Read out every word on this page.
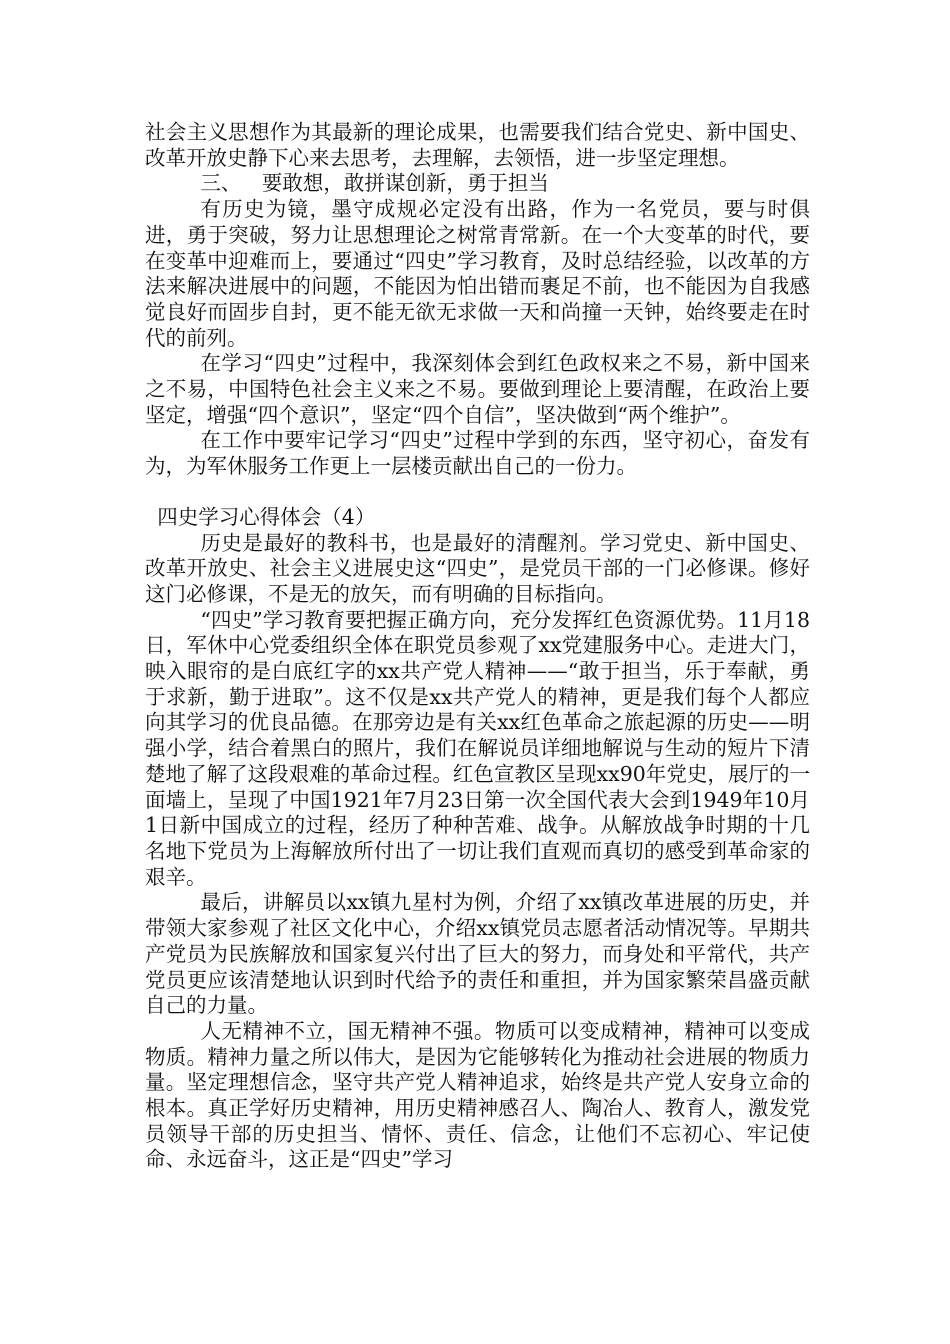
社会主义思想作为其最新的理论成果，也需要我们结合党史、新中国史、改革开放史静下心来去思考，去理解，去领悟，进一步坚定理想。

三、 要敢想，敢拼谋创新，勇于担当

有历史为镜，墨守成规必定没有出路，作为一名党员，要与时俱进，勇于突破，努力让思想理论之树常青常新。在一个大变革的时代，要在变革中迎难而上，要通过“四史”学习教育，及时总结经验，以改革的方法来解决进展中的问题，不能因为怕出错而裹足不前，也不能因为自我感觉良好而固步自封，更不能无欲无求做一天和尚撞一天钟，始终要走在时代的前列。

在学习“四史”过程中，我深刻体会到红色政权来之不易，新中国来之不易，中国特色社会主义来之不易。要做到理论上要清醒，在政治上要坚定，增强“四个意识”，坚定“四个自信”，坚决做到“两个维护”。

在工作中要牢记学习“四史”过程中学到的东西，坚守初心，奋发有为，为军休服务工作更上一层楼贡献出自己的一份力。

四史学习心得体会（4）

历史是最好的教科书，也是最好的清醒剂。学习党史、新中国史、改革开放史、社会主义进展史这“四史”，是党员干部的一门必修课。修好这门必修课，不是无的放矢，而有明确的目标指向。

“四史”学习教育要把握正确方向，充分发挥红色资源优势。11月18日，军休中心党委组织全体在职党员参观了xx党建服务中心。走进大门，映入眼帘的是白底红字的xx共产党人精神——“敢于担当，乐于奉献，勇于求新，勤于进取”。这不仅是xx共产党人的精神，更是我们每个人都应向其学习的优良品德。在那旁边是有关xx红色革命之旅起源的历史——明强小学，结合着黑白的照片，我们在解说员详细地解说与生动的短片下清楚地了解了这段艰难的革命过程。红色宣教区呈现xx90年党史，展厅的一面墙上，呈现了中国1921年7月23日第一次全国代表大会到1949年10月1日新中国成立的过程，经历了种种苦难、战争。从解放战争时期的十几名地下党员为上海解放所付出了一切让我们直观而真切的感受到革命家的艰辛。

最后，讲解员以xx镇九星村为例，介绍了xx镇改革进展的历史，并带领大家参观了社区文化中心，介绍xx镇党员志愿者活动情况等。早期共产党员为民族解放和国家复兴付出了巨大的努力，而身处和平常代，共产党员更应该清楚地认识到时代给予的责任和重担，并为国家繁荣昌盛贡献自己的力量。

人无精神不立，国无精神不强。物质可以变成精神，精神可以变成物质。精神力量之所以伟大，是因为它能够转化为推动社会进展的物质力量。坚定理想信念，坚守共产党人精神追求，始终是共产党人安身立命的根本。真正学好历史精神，用历史精神感召人、陶冶人、教育人，激发党员领导干部的历史担当、情怀、责任、信念，让他们不忘初心、牢记使命、永远奋斗，这正是“四史”学习
